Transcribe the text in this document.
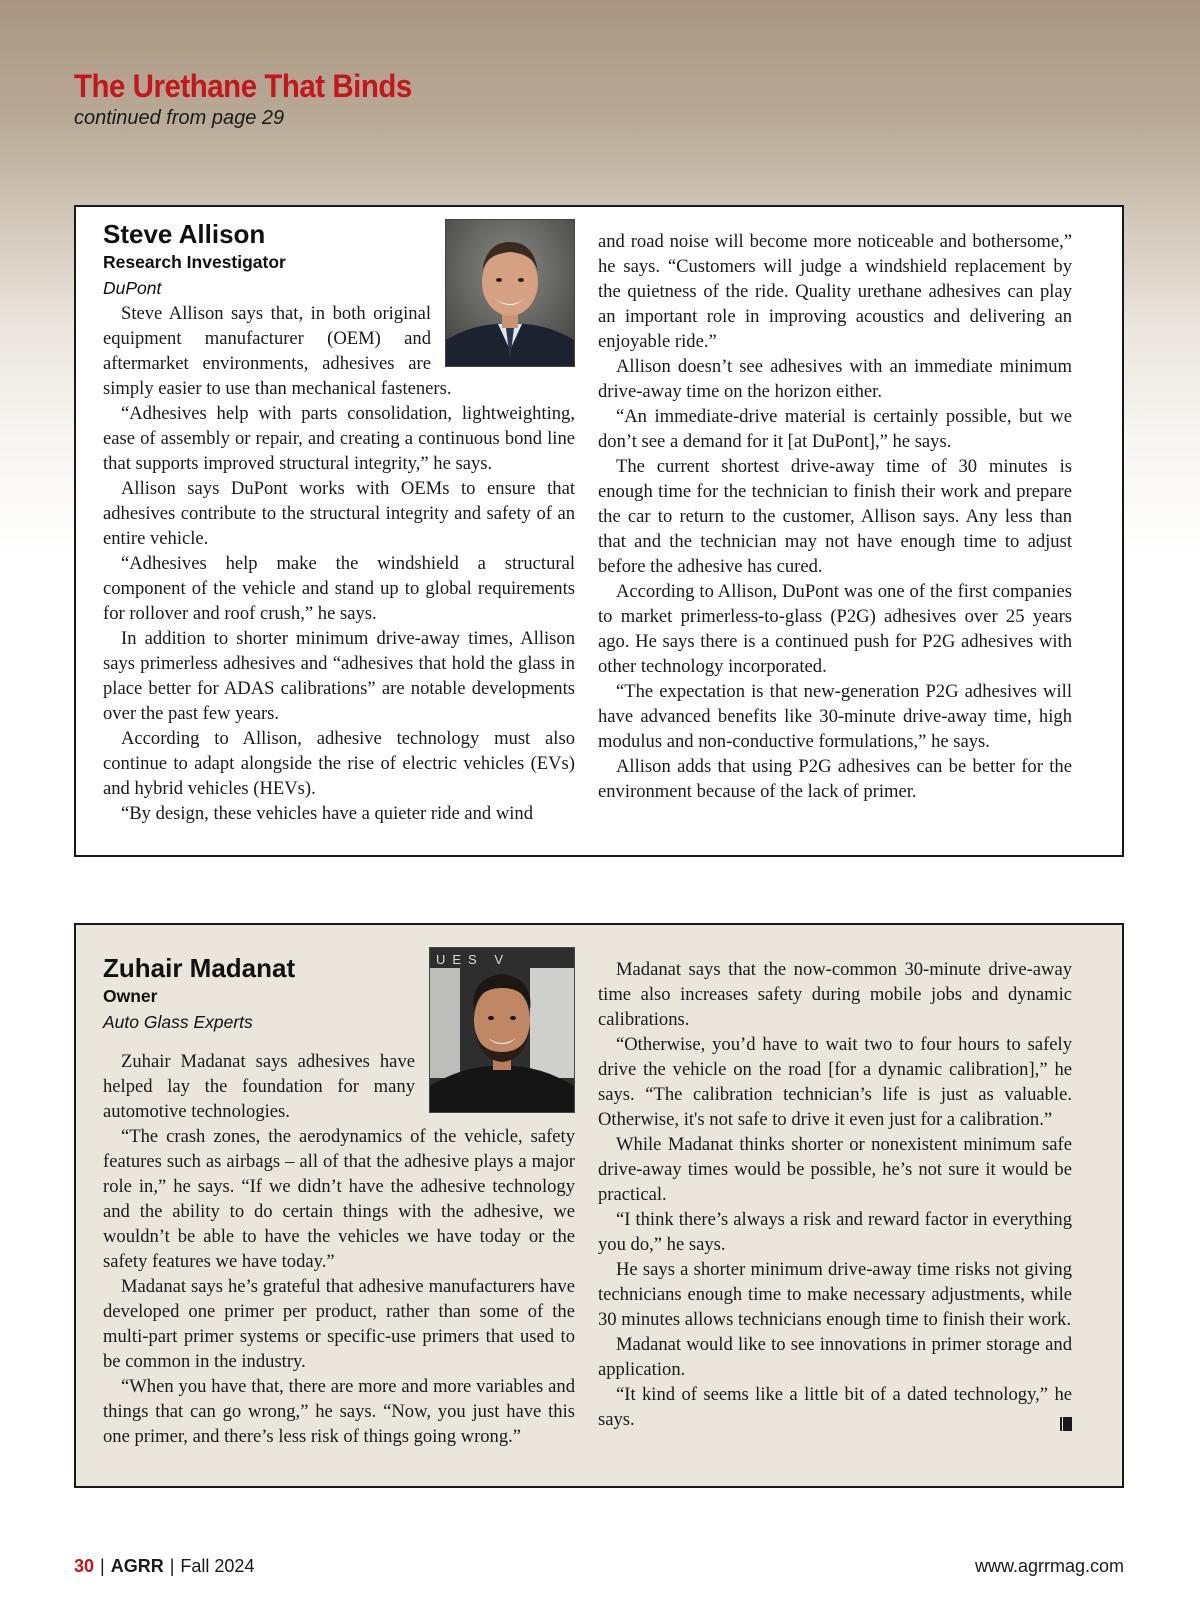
The Urethane That Binds

continued from page 29

Steve Allison

Research Investigator

DuPont

Steve Allison says that, in both original equipment manufacturer (OEM) and aftermarket environments, adhesives are simply easier to use than mechanical fasteners.

“Adhesives help with parts consolidation, lightweighting, ease of assembly or repair, and creating a continuous bond line that supports improved structural integrity,” he says.

Allison says DuPont works with OEMs to ensure that adhesives contribute to the structural integrity and safety of an entire vehicle.

“Adhesives help make the windshield a structural component of the vehicle and stand up to global requirements for rollover and roof crush,” he says.

In addition to shorter minimum drive-away times, Allison says primerless adhesives and “adhesives that hold the glass in place better for ADAS calibrations” are notable developments over the past few years.

According to Allison, adhesive technology must also continue to adapt alongside the rise of electric vehicles (EVs) and hybrid vehicles (HEVs).

“By design, these vehicles have a quieter ride and wind

and road noise will become more noticeable and bothersome,” he says. “Customers will judge a windshield replacement by the quietness of the ride. Quality urethane adhesives can play an important role in improving acoustics and delivering an enjoyable ride.”

Allison doesn’t see adhesives with an immediate minimum drive-away time on the horizon either.

“An immediate-drive material is certainly possible, but we don’t see a demand for it [at DuPont],” he says.

The current shortest drive-away time of 30 minutes is enough time for the technician to finish their work and prepare the car to return to the customer, Allison says. Any less than that and the technician may not have enough time to adjust before the adhesive has cured.

According to Allison, DuPont was one of the first companies to market primerless-to-glass (P2G) adhesives over 25 years ago. He says there is a continued push for P2G adhesives with other technology incorporated.

“The expectation is that new-generation P2G adhesives will have advanced benefits like 30-minute drive-away time, high modulus and non-conductive formulations,” he says.

Allison adds that using P2G adhesives can be better for the environment because of the lack of primer.

UES V

Zuhair Madanat

Owner

Auto Glass Experts

Zuhair Madanat says adhesives have helped lay the foundation for many automotive technologies.

“The crash zones, the aerodynamics of the vehicle, safety features such as airbags – all of that the adhesive plays a major role in,” he says. “If we didn’t have the adhesive technology and the ability to do certain things with the adhesive, we wouldn’t be able to have the vehicles we have today or the safety features we have today.”

Madanat says he’s grateful that adhesive manufacturers have developed one primer per product, rather than some of the multi-part primer systems or specific-use primers that used to be common in the industry.

“When you have that, there are more and more variables and things that can go wrong,” he says. “Now, you just have this one primer, and there’s less risk of things going wrong.”

Madanat says that the now-common 30-minute drive-away time also increases safety during mobile jobs and dynamic calibrations.

“Otherwise, you’d have to wait two to four hours to safely drive the vehicle on the road [for a dynamic calibration],” he says. “The calibration technician’s life is just as valuable. Otherwise, it's not safe to drive it even just for a calibration.”

While Madanat thinks shorter or nonexistent minimum safe drive-away times would be possible, he’s not sure it would be practical.

“I think there’s always a risk and reward factor in everything you do,” he says.

He says a shorter minimum drive-away time risks not giving technicians enough time to make necessary adjustments, while 30 minutes allows technicians enough time to finish their work.

Madanat would like to see innovations in primer storage and application.

“It kind of seems like a little bit of a dated technology,” he says.

30 | AGRR | Fall 2024	www.agrrmag.com
